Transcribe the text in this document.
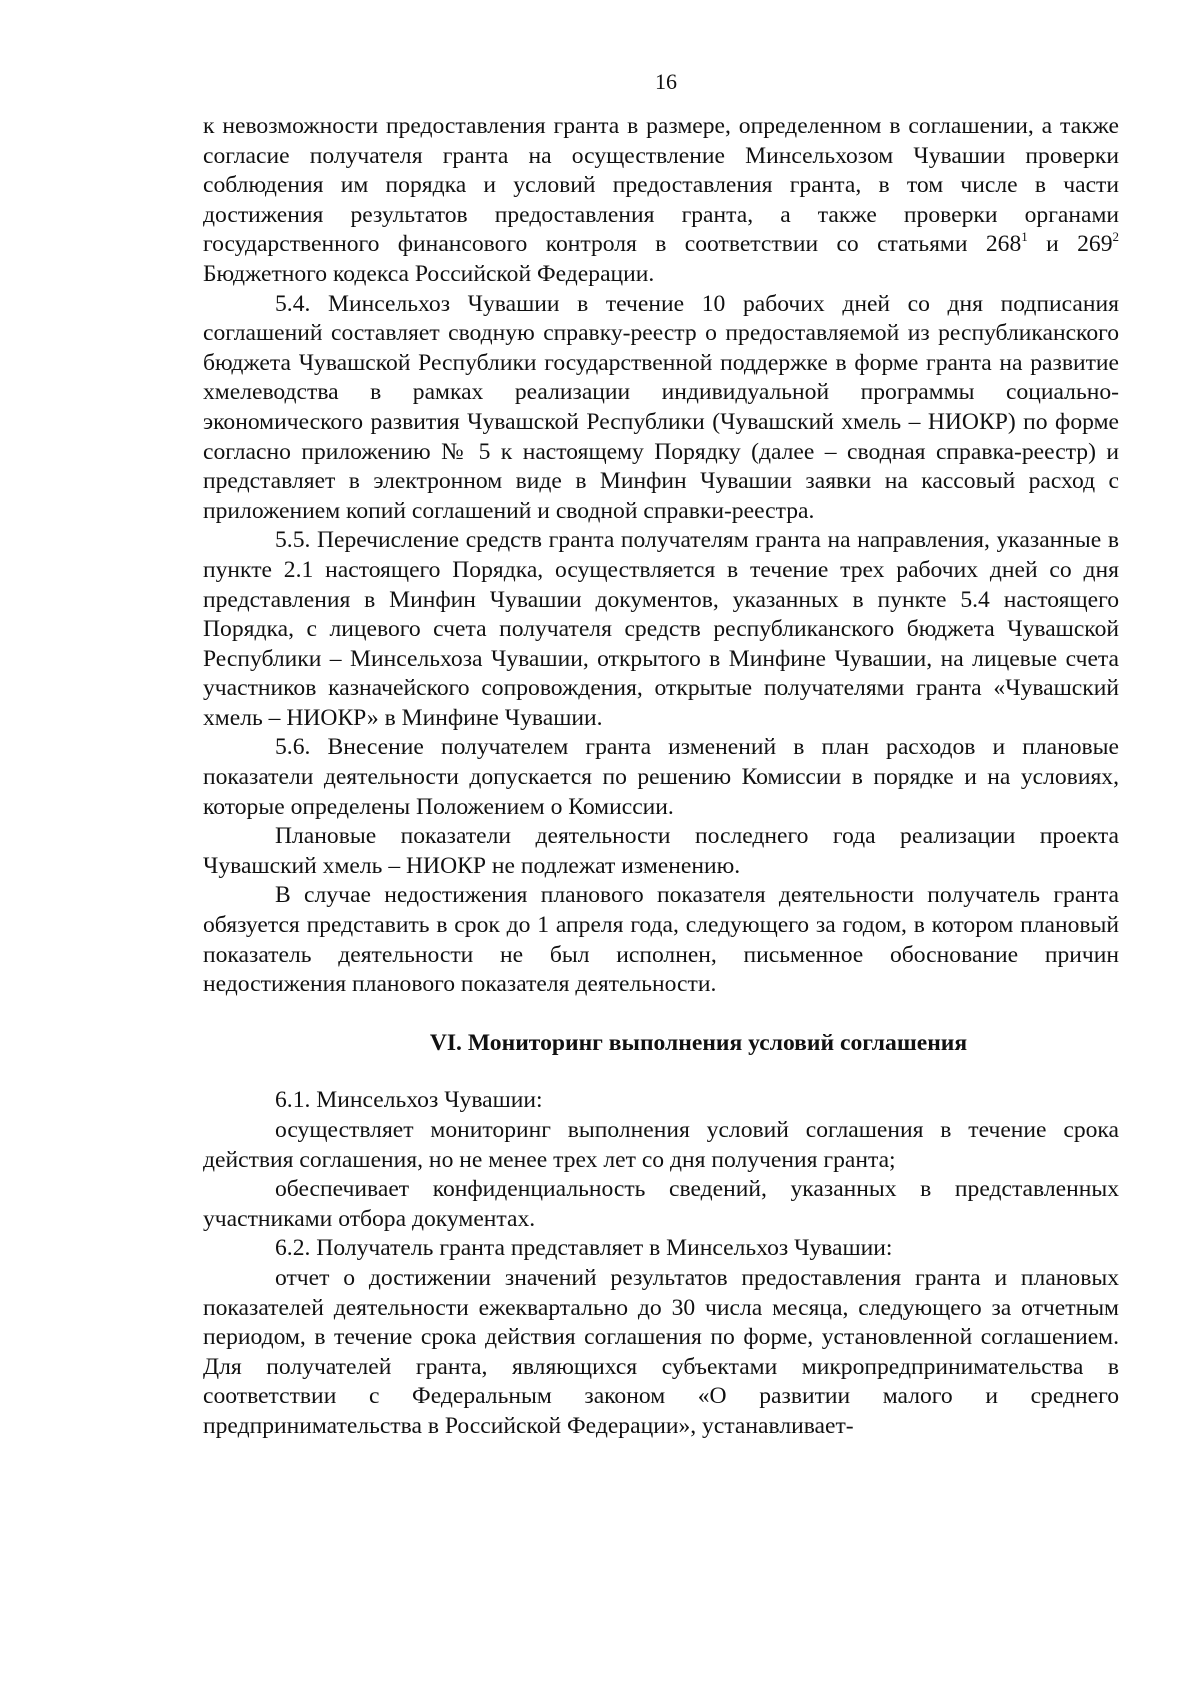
16

к невозможности предоставления гранта в размере, определенном в соглашении, а также согласие получателя гранта на осуществление Минсельхозом Чувашии проверки соблюдения им порядка и условий предоставления гранта, в том числе в части достижения результатов предоставления гранта, а также проверки органами государственного финансового контроля в соответствии со статьями $268^1$ и $269^2$ Бюджетного кодекса Российской Федерации.

5.4. Минсельхоз Чувашии в течение 10 рабочих дней со дня подписания соглашений составляет сводную справку-реестр о предоставляемой из республиканского бюджета Чувашской Республики государственной поддержке в форме гранта на развитие хмелеводства в рамках реализации индивидуальной программы социально-экономического развития Чувашской Республики (Чувашский хмель – НИОКР) по форме согласно приложению № 5 к настоящему Порядку (далее – сводная справка-реестр) и представляет в электронном виде в Минфин Чувашии заявки на кассовый расход с приложением копий соглашений и сводной справки-реестра.

5.5. Перечисление средств гранта получателям гранта на направления, указанные в пункте 2.1 настоящего Порядка, осуществляется в течение трех рабочих дней со дня представления в Минфин Чувашии документов, указанных в пункте 5.4 настоящего Порядка, с лицевого счета получателя средств республиканского бюджета Чувашской Республики – Минсельхоза Чувашии, открытого в Минфине Чувашии, на лицевые счета участников казначейского сопровождения, открытые получателями гранта «Чувашский хмель – НИОКР» в Минфине Чувашии.

5.6. Внесение получателем гранта изменений в план расходов и плановые показатели деятельности допускается по решению Комиссии в порядке и на условиях, которые определены Положением о Комиссии.

Плановые показатели деятельности последнего года реализации проекта Чувашский хмель – НИОКР не подлежат изменению.

В случае недостижения планового показателя деятельности получатель гранта обязуется представить в срок до 1 апреля года, следующего за годом, в котором плановый показатель деятельности не был исполнен, письменное обоснование причин недостижения планового показателя деятельности.

VI. Мониторинг выполнения условий соглашения

6.1. Минсельхоз Чувашии:

осуществляет мониторинг выполнения условий соглашения в течение срока действия соглашения, но не менее трех лет со дня получения гранта;

обеспечивает конфиденциальность сведений, указанных в представленных участниками отбора документах.

6.2. Получатель гранта представляет в Минсельхоз Чувашии:

отчет о достижении значений результатов предоставления гранта и плановых показателей деятельности ежеквартально до 30 числа месяца, следующего за отчетным периодом, в течение срока действия соглашения по форме, установленной соглашением. Для получателей гранта, являющихся субъектами микропредпринимательства в соответствии с Федеральным законом «О развитии малого и среднего предпринимательства в Российской Федерации», устанавливает-
